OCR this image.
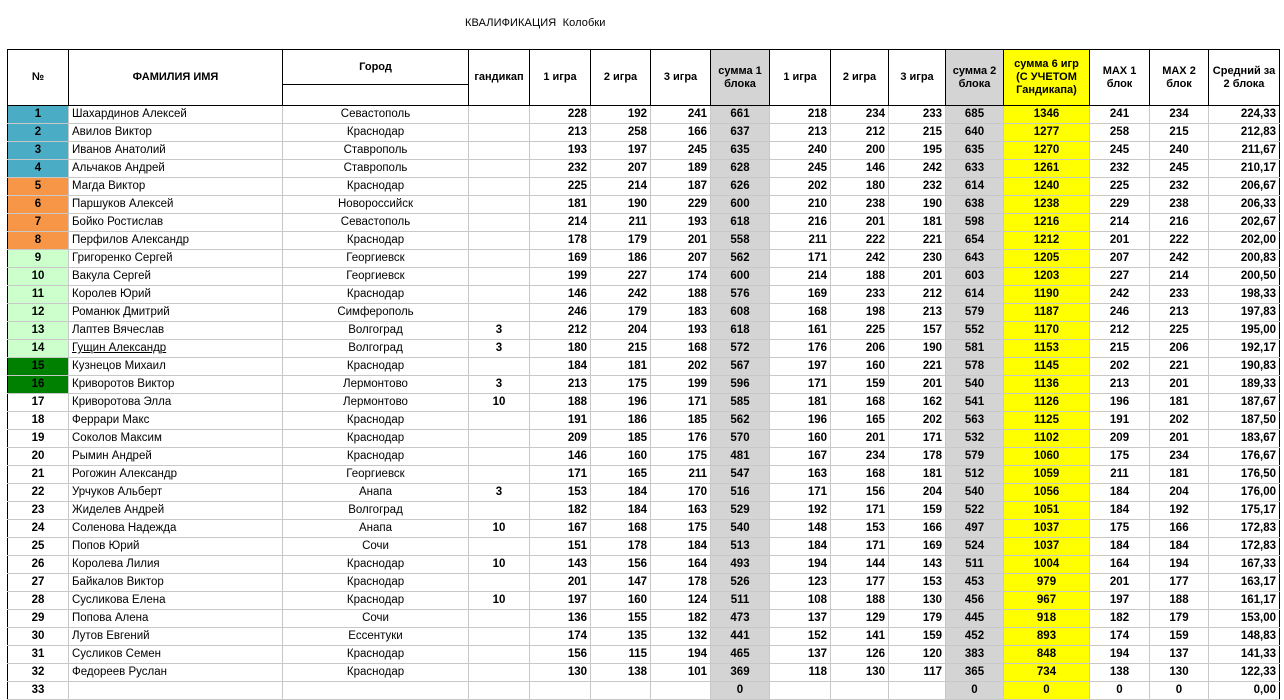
КВАЛИФИКАЦИЯ  Колобки
№	ФАМИЛИЯ ИМЯ	Город	гандикап	1 игра	2 игра	3 игра	сумма 1 блока	1 игра	2 игра	3 игра	сумма 2 блока	сумма 6 игр (С УЧЕТОМ Гандикапа)	MAX 1 блок	MAX 2 блок	Средний за 2 блока
1	Шахардинов Алексей	Севастополь		228	192	241	661	218	234	233	685	1346	241	234	224,33
2	Авилов Виктор	Краснодар		213	258	166	637	213	212	215	640	1277	258	215	212,83
3	Иванов Анатолий	Ставрополь		193	197	245	635	240	200	195	635	1270	245	240	211,67
4	Альчаков Андрей	Ставрополь		232	207	189	628	245	146	242	633	1261	232	245	210,17
5	Магда Виктор	Краснодар		225	214	187	626	202	180	232	614	1240	225	232	206,67
6	Паршуков Алексей	Новороссийск		181	190	229	600	210	238	190	638	1238	229	238	206,33
7	Бойко Ростислав	Севастополь		214	211	193	618	216	201	181	598	1216	214	216	202,67
8	Перфилов Александр	Краснодар		178	179	201	558	211	222	221	654	1212	201	222	202,00
9	Григоренко Сергей	Георгиевск		169	186	207	562	171	242	230	643	1205	207	242	200,83
10	Вакула Сергей	Георгиевск		199	227	174	600	214	188	201	603	1203	227	214	200,50
11	Королев Юрий	Краснодар		146	242	188	576	169	233	212	614	1190	242	233	198,33
12	Романюк Дмитрий	Симферополь		246	179	183	608	168	198	213	579	1187	246	213	197,83
13	Лаптев Вячеслав	Волгоград	3	212	204	193	618	161	225	157	552	1170	212	225	195,00
14	Гущин Александр	Волгоград	3	180	215	168	572	176	206	190	581	1153	215	206	192,17
15	Кузнецов Михаил	Краснодар		184	181	202	567	197	160	221	578	1145	202	221	190,83
16	Криворотов Виктор	Лермонтово	3	213	175	199	596	171	159	201	540	1136	213	201	189,33
17	Криворотова Элла	Лермонтово	10	188	196	171	585	181	168	162	541	1126	196	181	187,67
18	Феррари Макс	Краснодар		191	186	185	562	196	165	202	563	1125	191	202	187,50
19	Соколов Максим	Краснодар		209	185	176	570	160	201	171	532	1102	209	201	183,67
20	Рымин Андрей	Краснодар		146	160	175	481	167	234	178	579	1060	175	234	176,67
21	Рогожин Александр	Георгиевск		171	165	211	547	163	168	181	512	1059	211	181	176,50
22	Урчуков Альберт	Анапа	3	153	184	170	516	171	156	204	540	1056	184	204	176,00
23	Жиделев Андрей	Волгоград		182	184	163	529	192	171	159	522	1051	184	192	175,17
24	Соленова Надежда	Анапа	10	167	168	175	540	148	153	166	497	1037	175	166	172,83
25	Попов Юрий	Сочи		151	178	184	513	184	171	169	524	1037	184	184	172,83
26	Королева Лилия	Краснодар	10	143	156	164	493	194	144	143	511	1004	164	194	167,33
27	Байкалов Виктор	Краснодар		201	147	178	526	123	177	153	453	979	201	177	163,17
28	Сусликова Елена	Краснодар	10	197	160	124	511	108	188	130	456	967	197	188	161,17
29	Попова Алена	Сочи		136	155	182	473	137	129	179	445	918	182	179	153,00
30	Лутов Евгений	Ессентуки		174	135	132	441	152	141	159	452	893	174	159	148,83
31	Сусликов Семен	Краснодар		156	115	194	465	137	126	120	383	848	194	137	141,33
32	Федореев Руслан	Краснодар		130	138	101	369	118	130	117	365	734	138	130	122,33
33							0				0	0	0	0	0,00
